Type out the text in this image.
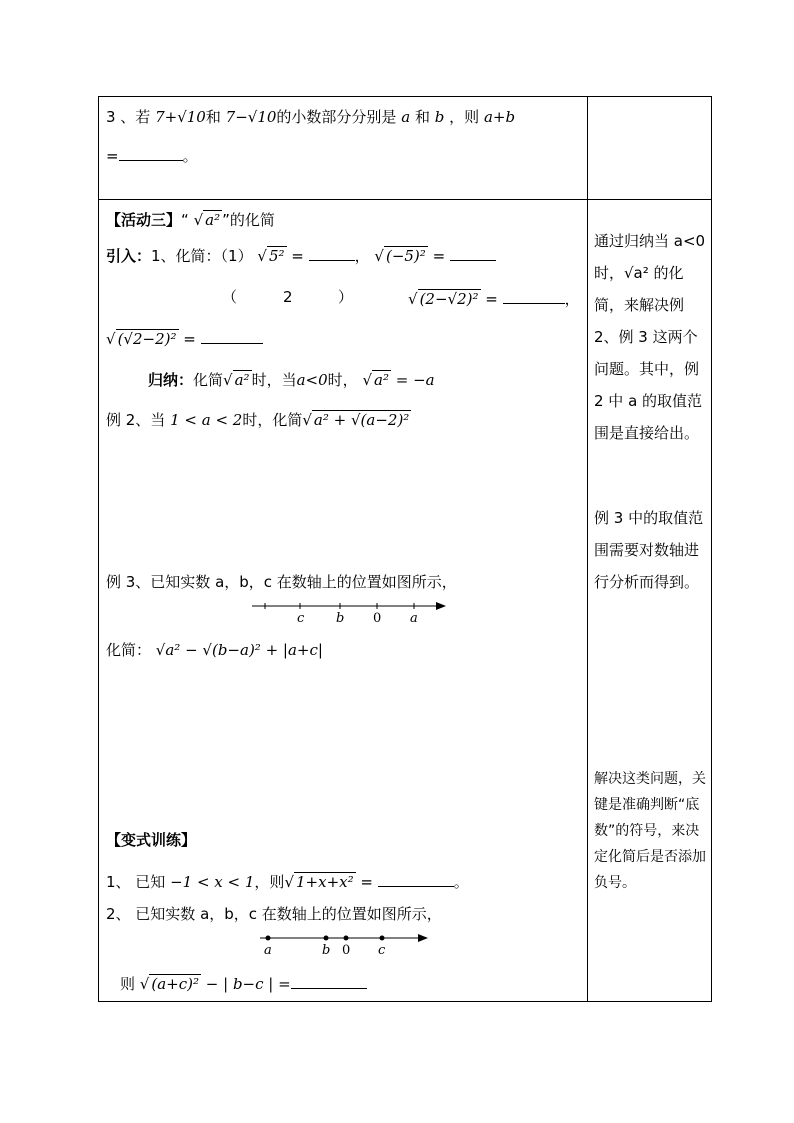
3 、若 7+√10和 7−√10的小数部分分别是 a 和 b ，则 a+b
=	。
【活动三】“ √ a² ”的化简
引入：1、化简：（1） √ 5² =	， √ (−5)² =
（	2	）	√ (2−√2)² =	，
√ (√2−2)² =
归纳：化简√ a² 时，当a<0时， √ a² = −a
例 2、当 1 < a < 2时，化简√ a² + √(a−2)²
例 3、已知实数 a，b，c 在数轴上的位置如图所示，
c b 0 a
化简： √a² − √(b−a)² + |a+c|
【变式训练】
1、 已知 −1 < x < 1，则√ 1+x+x² =	。
2、 已知实数 a，b，c 在数轴上的位置如图所示，
a	b 0 c
则 √ (a+c)² − | b−c | =
通过归纳当 a<0 时，√a² 的化简，来解决例 2、例 3 这两个问题。其中，例 2 中 a 的取值范围是直接给出。
例 3 中的取值范围需要对数轴进行分析而得到。
解决这类问题，关键是准确判断“底数”的符号，来决定化简后是否添加负号。
